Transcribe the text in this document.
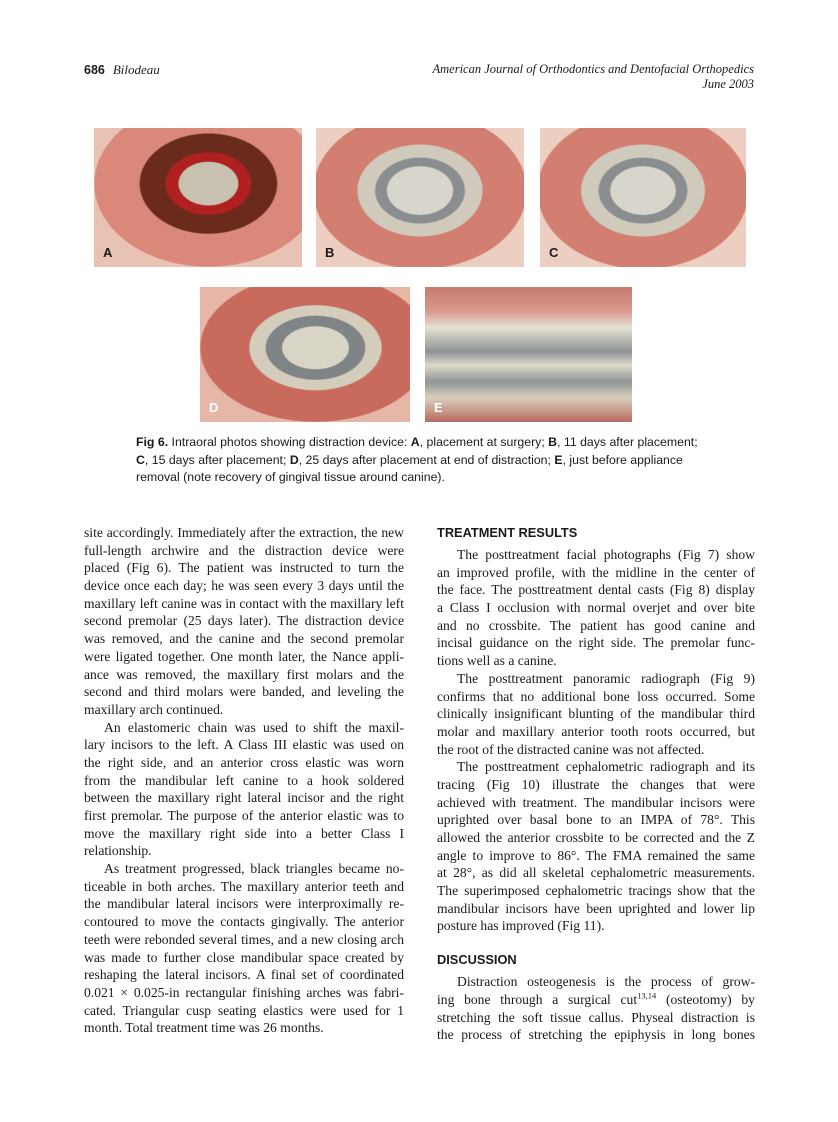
686 Bilodeau	American Journal of Orthodontics and Dentofacial Orthopedics
June 2003
A	B	C
D	E
Fig 6. Intraoral photos showing distraction device: A, placement at surgery; B, 11 days after placement; C, 15 days after placement; D, 25 days after placement at end of distraction; E, just before appliance removal (note recovery of gingival tissue around canine).
site accordingly. Immediately after the extraction, the new
full-length archwire and the distraction device were
placed (Fig 6). The patient was instructed to turn the
device once each day; he was seen every 3 days until the
maxillary left canine was in contact with the maxillary left
second premolar (25 days later). The distraction device
was removed, and the canine and the second premolar
were ligated together. One month later, the Nance appli-
ance was removed, the maxillary first molars and the
second and third molars were banded, and leveling the
maxillary arch continued.
An elastomeric chain was used to shift the maxil-
lary incisors to the left. A Class III elastic was used on
the right side, and an anterior cross elastic was worn
from the mandibular left canine to a hook soldered
between the maxillary right lateral incisor and the right
first premolar. The purpose of the anterior elastic was to
move the maxillary right side into a better Class I
relationship.
As treatment progressed, black triangles became no-
ticeable in both arches. The maxillary anterior teeth and
the mandibular lateral incisors were interproximally re-
contoured to move the contacts gingivally. The anterior
teeth were rebonded several times, and a new closing arch
was made to further close mandibular space created by
reshaping the lateral incisors. A final set of coordinated
0.021 × 0.025-in rectangular finishing arches was fabri-
cated. Triangular cusp seating elastics were used for 1
month. Total treatment time was 26 months.
TREATMENT RESULTS
The posttreatment facial photographs (Fig 7) show
an improved profile, with the midline in the center of
the face. The posttreatment dental casts (Fig 8) display
a Class I occlusion with normal overjet and over bite
and no crossbite. The patient has good canine and
incisal guidance on the right side. The premolar func-
tions well as a canine.
The posttreatment panoramic radiograph (Fig 9)
confirms that no additional bone loss occurred. Some
clinically insignificant blunting of the mandibular third
molar and maxillary anterior tooth roots occurred, but
the root of the distracted canine was not affected.
The posttreatment cephalometric radiograph and its
tracing (Fig 10) illustrate the changes that were
achieved with treatment. The mandibular incisors were
uprighted over basal bone to an IMPA of 78°. This
allowed the anterior crossbite to be corrected and the Z
angle to improve to 86°. The FMA remained the same
at 28°, as did all skeletal cephalometric measurements.
The superimposed cephalometric tracings show that the
mandibular incisors have been uprighted and lower lip
posture has improved (Fig 11).
DISCUSSION
Distraction osteogenesis is the process of grow-
ing bone through a surgical cut$^{13,14}$ (osteotomy) by
stretching the soft tissue callus. Physeal distraction is
the process of stretching the epiphysis in long bones
